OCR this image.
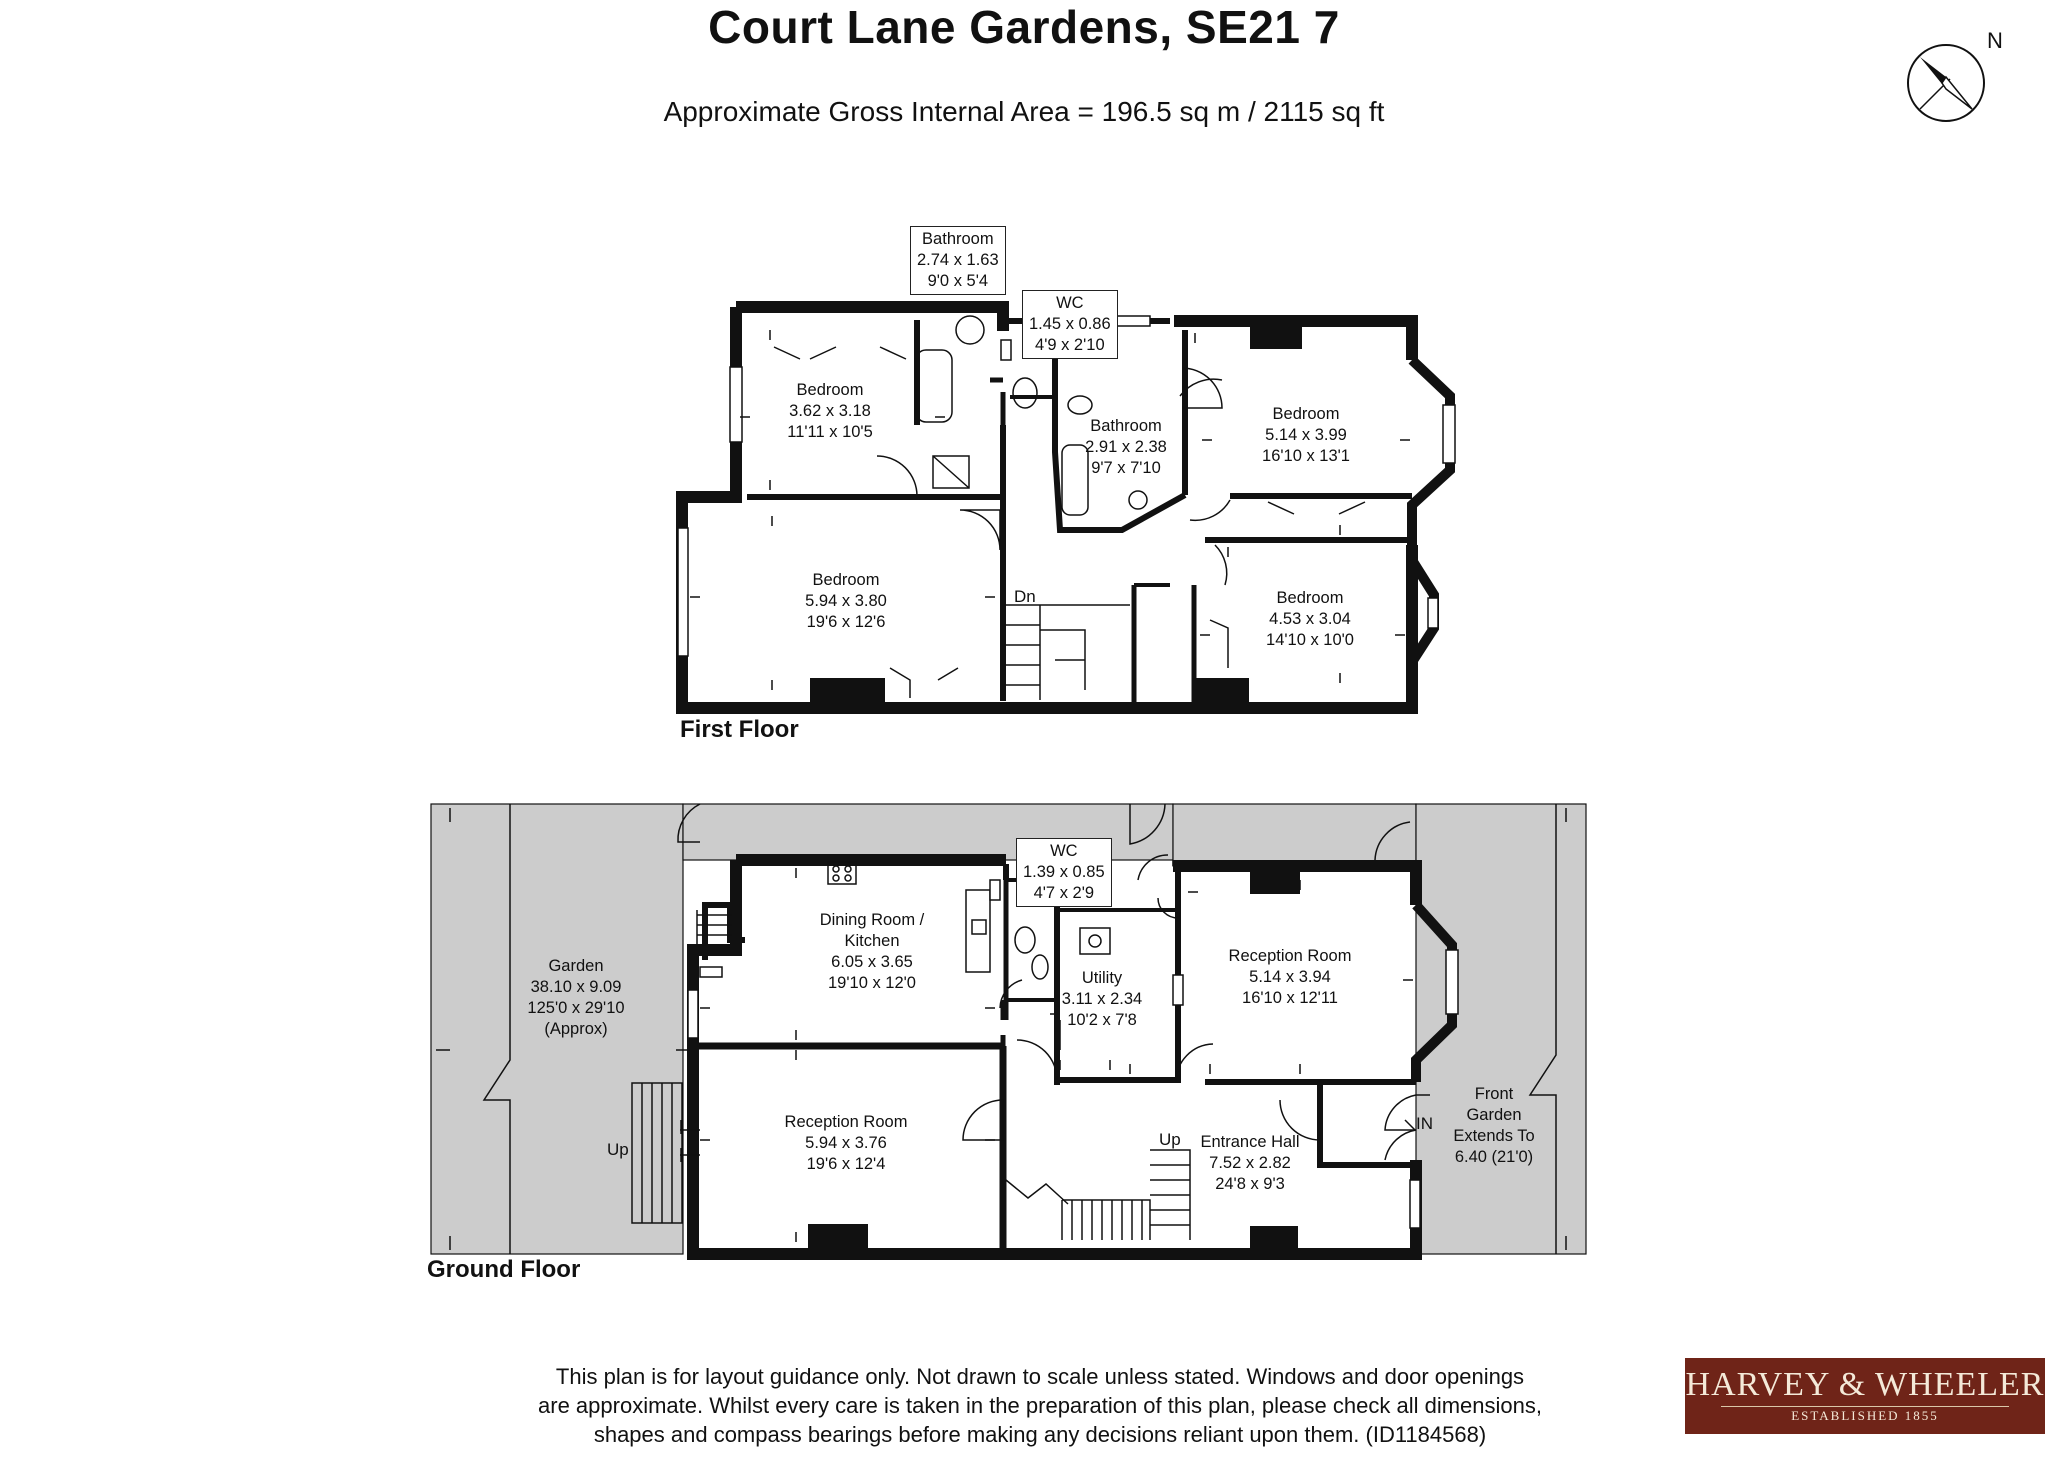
Court Lane Gardens, SE21 7
Approximate Gross Internal Area = 196.5 sq m / 2115 sq ft
N
Bathroom
2.74 x 1.63
9'0 x 5'4
WC
1.45 x 0.86
4'9 x 2'10
Bedroom
3.62 x 3.18
11'11 x 10'5	Bathroom
2.91 x 2.38
9'7 x 7'10
Bedroom
5.14 x 3.99
16'10 x 13'1
Bedroom
5.94 x 3.80
19'6 x 12'6
Bedroom
4.53 x 3.04
14'10 x 10'0
Dn
First Floor
Garden
38.10 x 9.09
125'0 x 29'10
(Approx)
Dining Room /
Kitchen
6.05 x 3.65
19'10 x 12'0
WC
1.39 x 0.85
4'7 x 2'9
Utility
3.11 x 2.34
10'2 x 7'8
Reception Room
5.14 x 3.94
16'10 x 12'11
Reception Room
5.94 x 3.76
19'6 x 12'4
Entrance Hall
7.52 x 2.82
24'8 x 9'3
Front
Garden
Extends To
6.40 (21'0)
Up
Up
IN
Ground Floor
This plan is for layout guidance only. Not drawn to scale unless stated. Windows and door openings
are approximate. Whilst every care is taken in the preparation of this plan, please check all dimensions,
shapes and compass bearings before making any decisions reliant upon them. (ID1184568)
HARVEY & WHEELER
ESTABLISHED 1855
